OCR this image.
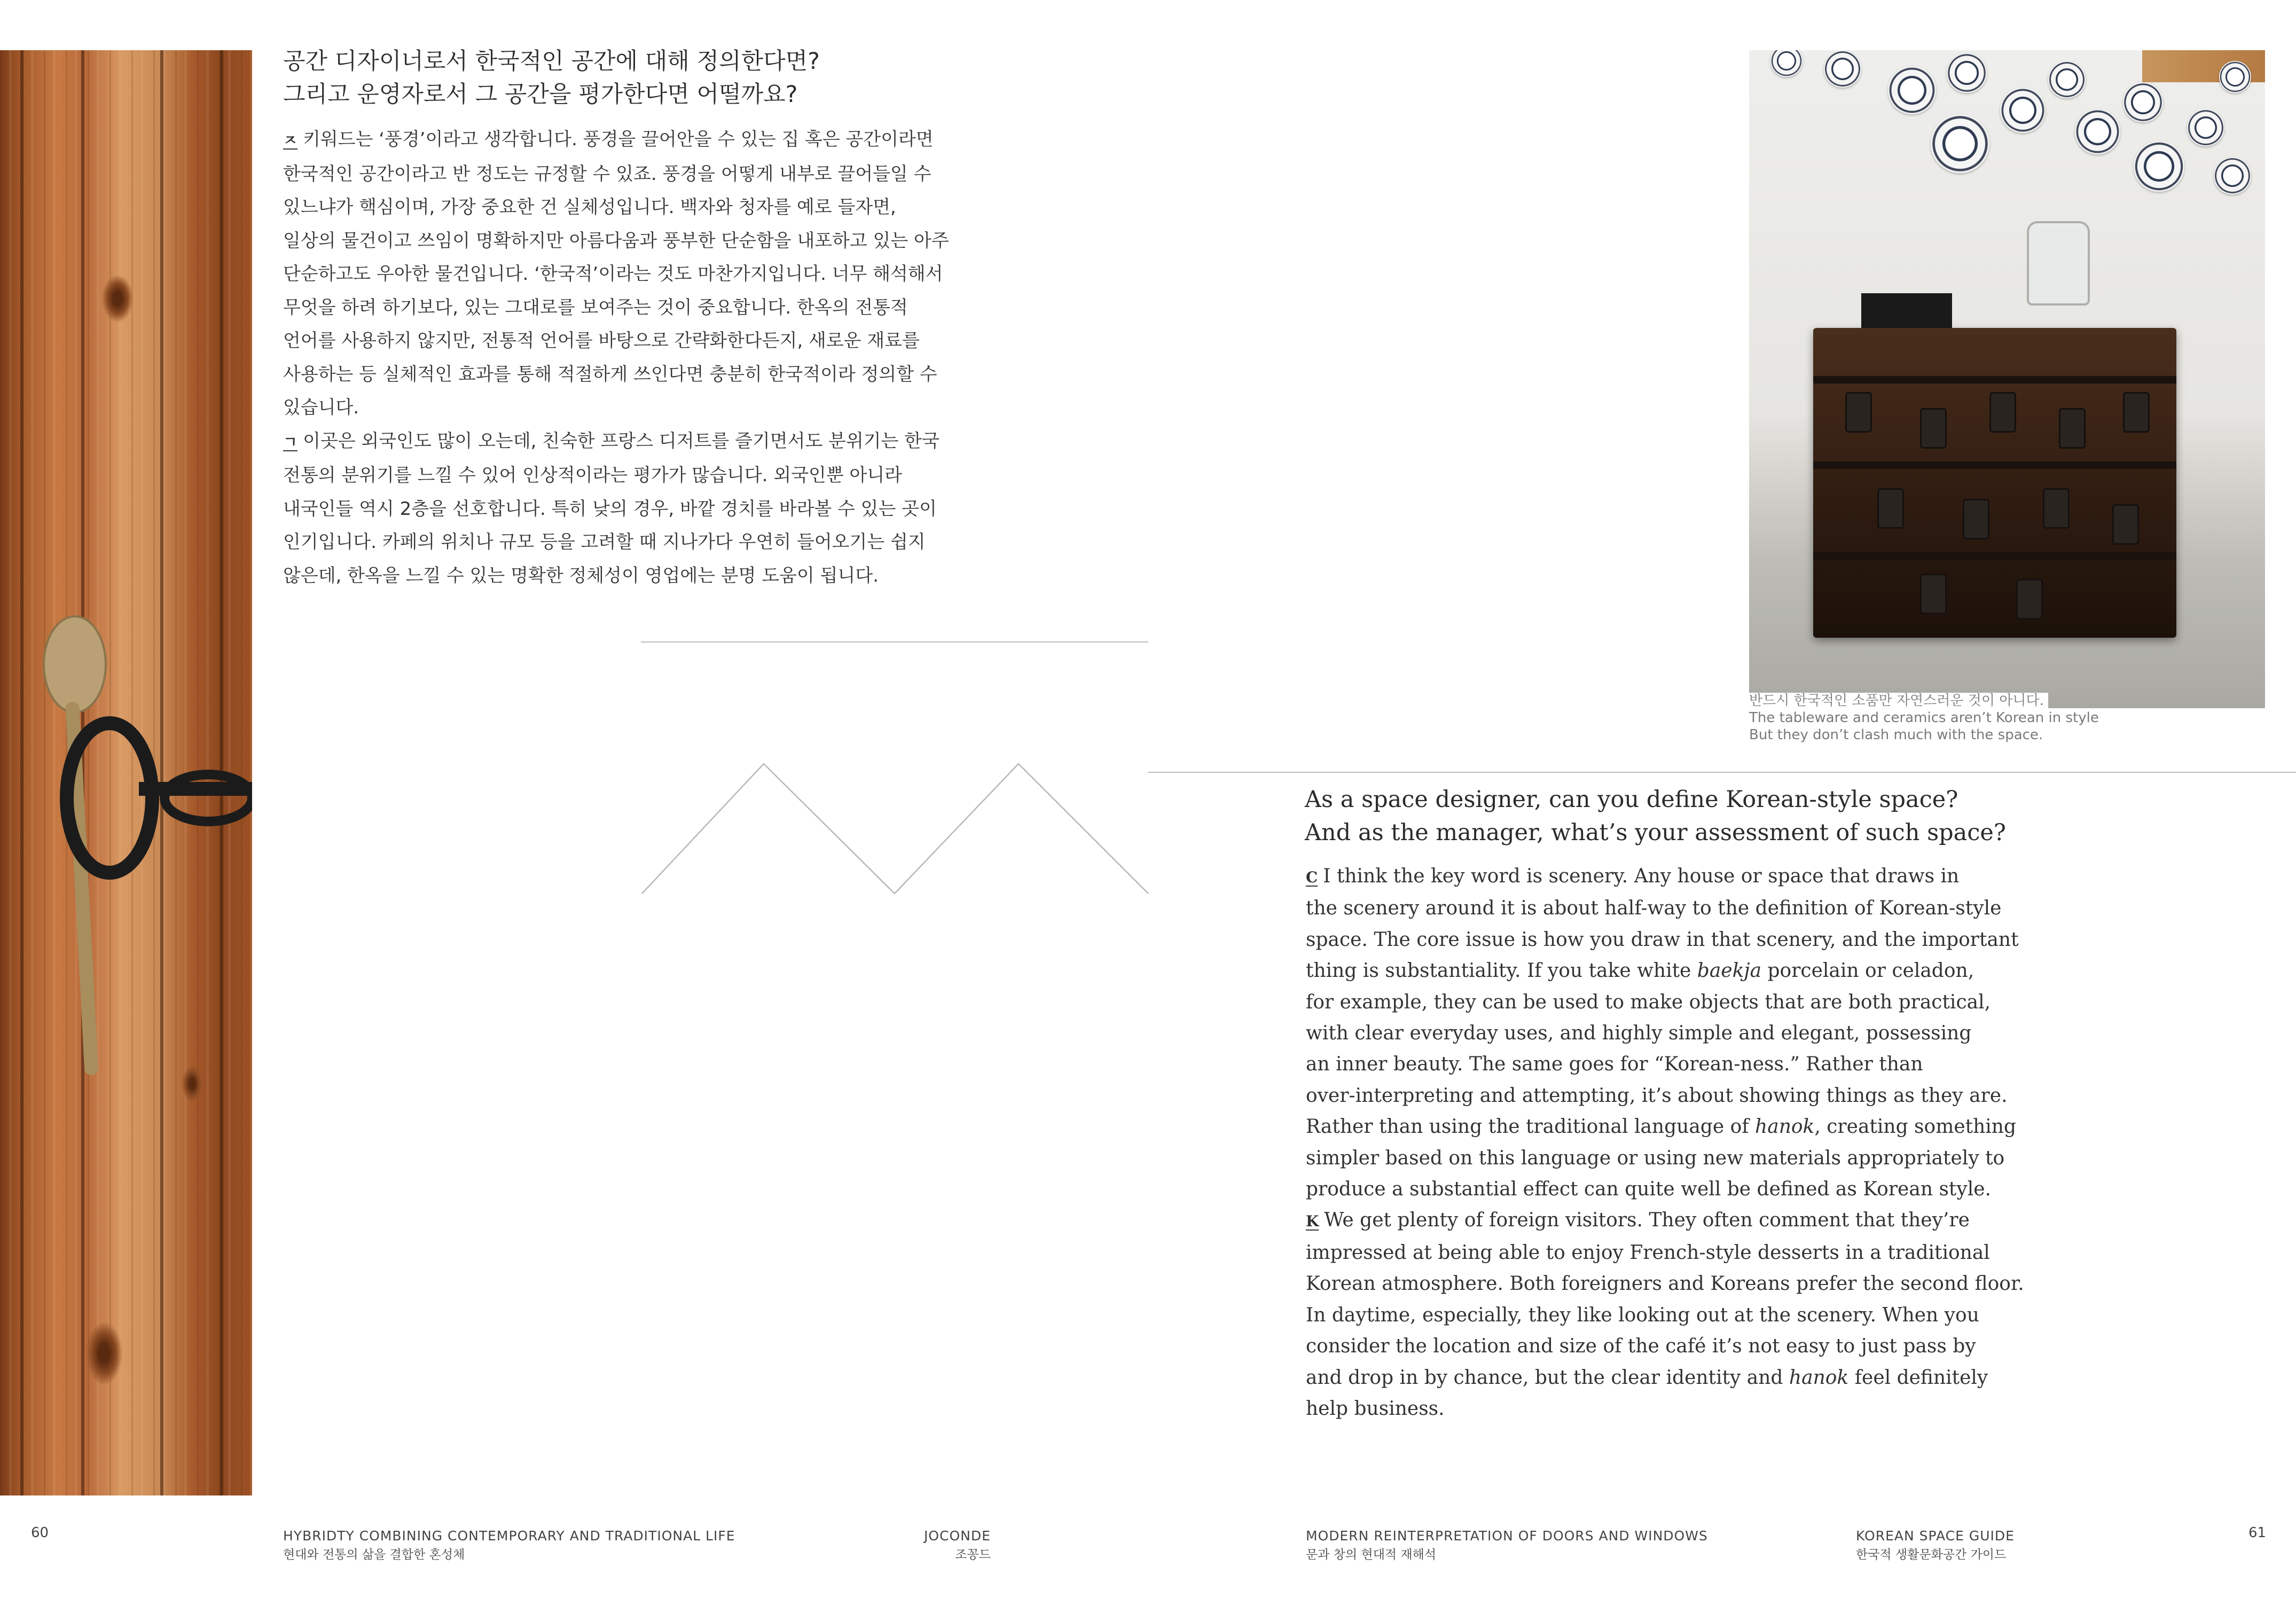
공간 디자이너로서 한국적인 공간에 대해 정의한다면?
그리고 운영자로서 그 공간을 평가한다면 어떨까요?
ㅈ 키워드는 ‘풍경’이라고 생각합니다. 풍경을 끌어안을 수 있는 집 혹은 공간이라면
한국적인 공간이라고 반 정도는 규정할 수 있죠. 풍경을 어떻게 내부로 끌어들일 수
있느냐가 핵심이며, 가장 중요한 건 실체성입니다. 백자와 청자를 예로 들자면,
일상의 물건이고 쓰임이 명확하지만 아름다움과 풍부한 단순함을 내포하고 있는 아주
단순하고도 우아한 물건입니다. ‘한국적’이라는 것도 마찬가지입니다. 너무 해석해서
무엇을 하려 하기보다, 있는 그대로를 보여주는 것이 중요합니다. 한옥의 전통적
언어를 사용하지 않지만, 전통적 언어를 바탕으로 간략화한다든지, 새로운 재료를
사용하는 등 실체적인 효과를 통해 적절하게 쓰인다면 충분히 한국적이라 정의할 수
있습니다.
ㄱ 이곳은 외국인도 많이 오는데, 친숙한 프랑스 디저트를 즐기면서도 분위기는 한국
전통의 분위기를 느낄 수 있어 인상적이라는 평가가 많습니다. 외국인뿐 아니라
내국인들 역시 2층을 선호합니다. 특히 낮의 경우, 바깥 경치를 바라볼 수 있는 곳이
인기입니다. 카페의 위치나 규모 등을 고려할 때 지나가다 우연히 들어오기는 쉽지
않은데, 한옥을 느낄 수 있는 명확한 정체성이 영업에는 분명 도움이 됩니다.
반드시 한국적인 소품만 자연스러운 것이 아니다.
The tableware and ceramics aren’t Korean in style
But they don’t clash much with the space.
As a space designer, can you define Korean-style space?
And as the manager, what’s your assessment of such space?
C I think the key word is scenery. Any house or space that draws in
the scenery around it is about half-way to the definition of Korean-style
space. The core issue is how you draw in that scenery, and the important
thing is substantiality. If you take white baekja porcelain or celadon,
for example, they can be used to make objects that are both practical,
with clear everyday uses, and highly simple and elegant, possessing
an inner beauty. The same goes for “Korean-ness.” Rather than
over-interpreting and attempting, it’s about showing things as they are.
Rather than using the traditional language of hanok, creating something
simpler based on this language or using new materials appropriately to
produce a substantial effect can quite well be defined as Korean style.
K We get plenty of foreign visitors. They often comment that they’re
impressed at being able to enjoy French-style desserts in a traditional
Korean atmosphere. Both foreigners and Koreans prefer the second floor.
In daytime, especially, they like looking out at the scenery. When you
consider the location and size of the café it’s not easy to just pass by
and drop in by chance, but the clear identity and hanok feel definitely
help business.
60	HYBRIDTY COMBINING CONTEMPORARY AND TRADITIONAL LIFE
현대와 전통의 삶을 결합한 혼성체
JOCONDE
조꽁드
MODERN REINTERPRETATION OF DOORS AND WINDOWS
문과 창의 현대적 재해석
KOREAN SPACE GUIDE
한국적 생활문화공간 가이드
61
